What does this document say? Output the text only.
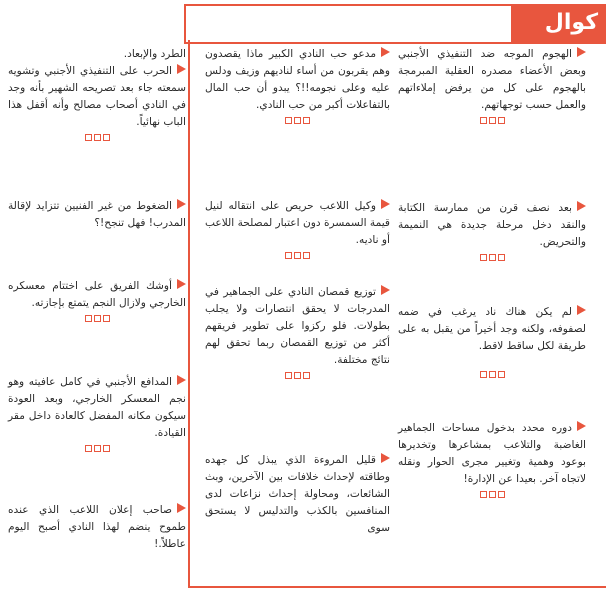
كوال

الهجوم الموجه ضد التنفيذي الأجنبي وبعض الأعضاء مصدره العقلية المبرمجة بالهجوم على كل من يرفض إملاءاتهم والعمل حسب توجهاتهم.

بعد نصف قرن من ممارسة الكتابة والنقد دخل مرحلة جديدة هي النميمة والتحريض.

لم يكن هناك ناد يرغب في ضمه لصفوفه، ولكنه وجد أخيراً من يقبل به على طريقة لكل ساقط لاقط.

دوره محدد بدخول مساحات الجماهير الغاضبة والتلاعب بمشاعرها وتخديرها بوعود وهمية وتغيير مجرى الحوار ونقله لاتجاه آخر. بعيدا عن الإدارة!

مدعو حب النادي الكبير ماذا يقصدون وهم يقربون من أساء لناديهم وزيف ودلس عليه وعلى نجومه!!؟ يبدو أن حب المال بالتفاعلات أكبر من حب النادي.

وكيل اللاعب حريص على انتقاله لنيل قيمة السمسرة دون اعتبار لمصلحة اللاعب أو ناديه.

توزيع قمصان النادي على الجماهير في المدرجات لا يحقق انتصارات ولا يجلب بطولات. فلو ركزوا على تطوير فريقهم أكثر من توزيع القمصان ربما تحقق لهم نتائج مختلفة.

قليل المروءة الذي يبذل كل جهده وطاقته لإحداث خلافات بين الآخرين، وبث الشائعات، ومحاولة إحداث نزاعات لدى المنافسين بالكذب والتدليس لا يستحق سوى

الطرد والإبعاد.

الحرب على التنفيذي الأجنبي وتشويه سمعته جاء بعد تصريحه الشهير بأنه وجد في النادي أصحاب مصالح وأنه أقفل هذا الباب نهائياً.

الضغوط من غير الفنيين تتزايد لإقالة المدرب! فهل تنجح!؟

أوشك الفريق على اختتام معسكره الخارجي ولازال النجم يتمتع بإجازته.

المدافع الأجنبي في كامل عافيته وهو نجم المعسكر الخارجي، وبعد العودة سيكون مكانه المفضل كالعادة داخل مقر القيادة.

صاحب إعلان اللاعب الذي عنده طموح ينضم لهذا النادي أصبح اليوم عاطلاً.!
